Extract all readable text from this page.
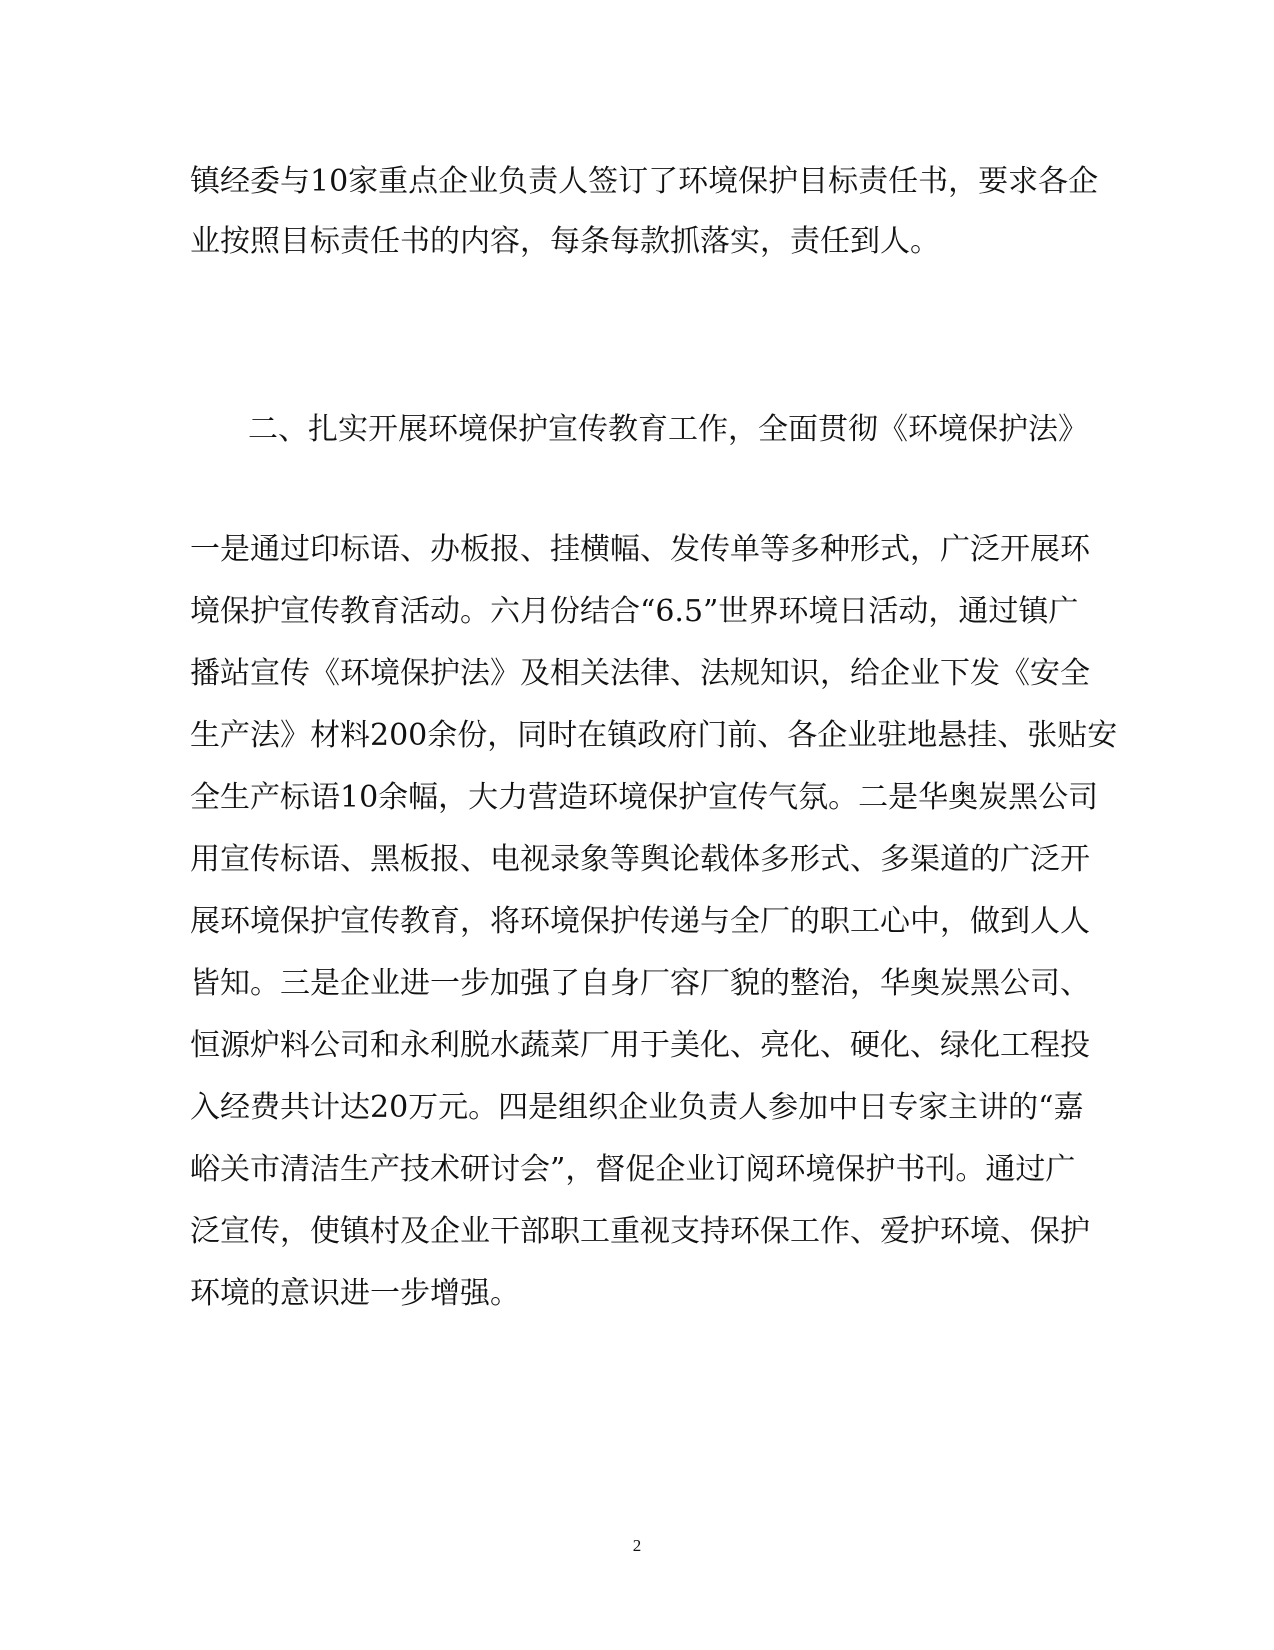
镇经委与10家重点企业负责人签订了环境保护目标责任书，要求各企
业按照目标责任书的内容，每条每款抓落实，责任到人。
二、扎实开展环境保护宣传教育工作，全面贯彻《环境保护法》
一是通过印标语、办板报、挂横幅、发传单等多种形式，广泛开展环
境保护宣传教育活动。六月份结合“6.5”世界环境日活动，通过镇广
播站宣传《环境保护法》及相关法律、法规知识，给企业下发《安全
生产法》材料200余份，同时在镇政府门前、各企业驻地悬挂、张贴安
全生产标语10余幅，大力营造环境保护宣传气氛。二是华奥炭黑公司
用宣传标语、黑板报、电视录象等舆论载体多形式、多渠道的广泛开
展环境保护宣传教育，将环境保护传递与全厂的职工心中，做到人人
皆知。三是企业进一步加强了自身厂容厂貌的整治，华奥炭黑公司、
恒源炉料公司和永利脱水蔬菜厂用于美化、亮化、硬化、绿化工程投
入经费共计达20万元。四是组织企业负责人参加中日专家主讲的“嘉
峪关市清洁生产技术研讨会”，督促企业订阅环境保护书刊。通过广
泛宣传，使镇村及企业干部职工重视支持环保工作、爱护环境、保护
环境的意识进一步增强。
2
